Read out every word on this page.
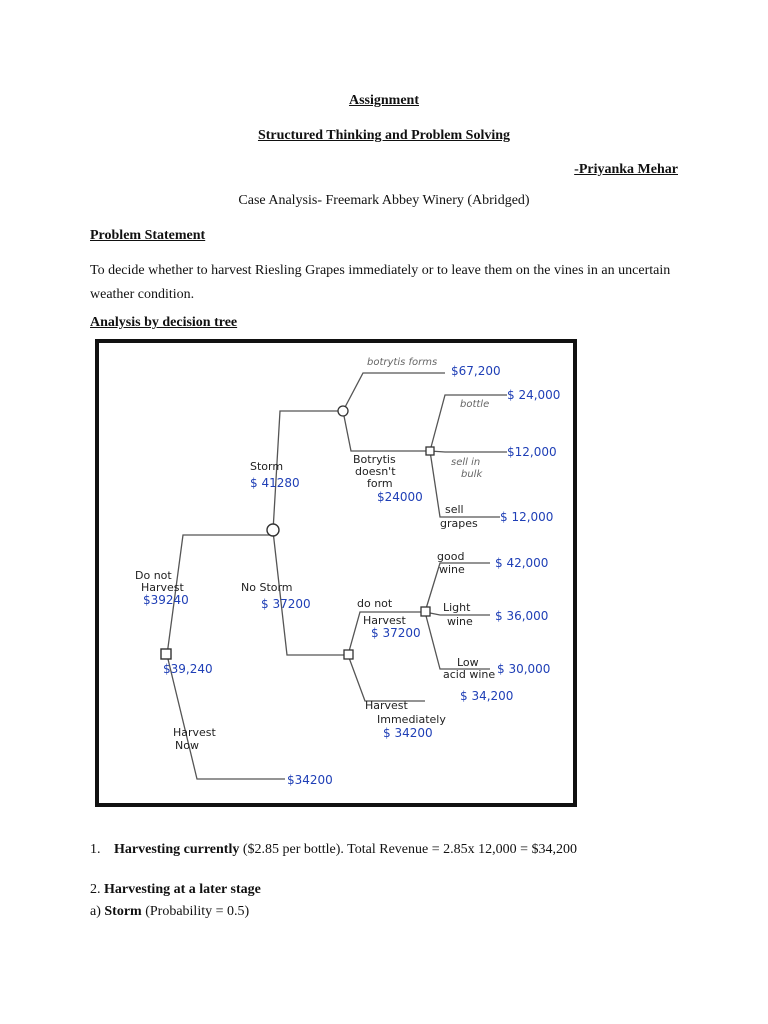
Assignment
Structured Thinking and Problem Solving
-Priyanka Mehar
Case Analysis- Freemark Abbey Winery (Abridged)
Problem Statement
To decide whether to harvest Riesling Grapes immediately or to leave them on the vines in an uncertain weather condition.
Analysis by decision tree
$39,240
Do not
Harvest
$39240
Harvest
Now
$34200
Storm
$ 41280
No Storm
$ 37200
botrytis forms
$67,200
Botrytis
doesn't
form
$24000
bottle
$ 24,000
sell in
bulk
$12,000
sell
grapes $ 12,000
do not
Harvest
$ 37200
good
wine	$ 42,000
Light
wine $ 36,000
Low
acid wine $ 30,000
$ 34,200
Harvest
Immediately
$ 34200
1. Harvesting currently ($2.85 per bottle). Total Revenue = 2.85x 12,000 = $34,200
2. Harvesting at a later stage
a) Storm (Probability = 0.5)
